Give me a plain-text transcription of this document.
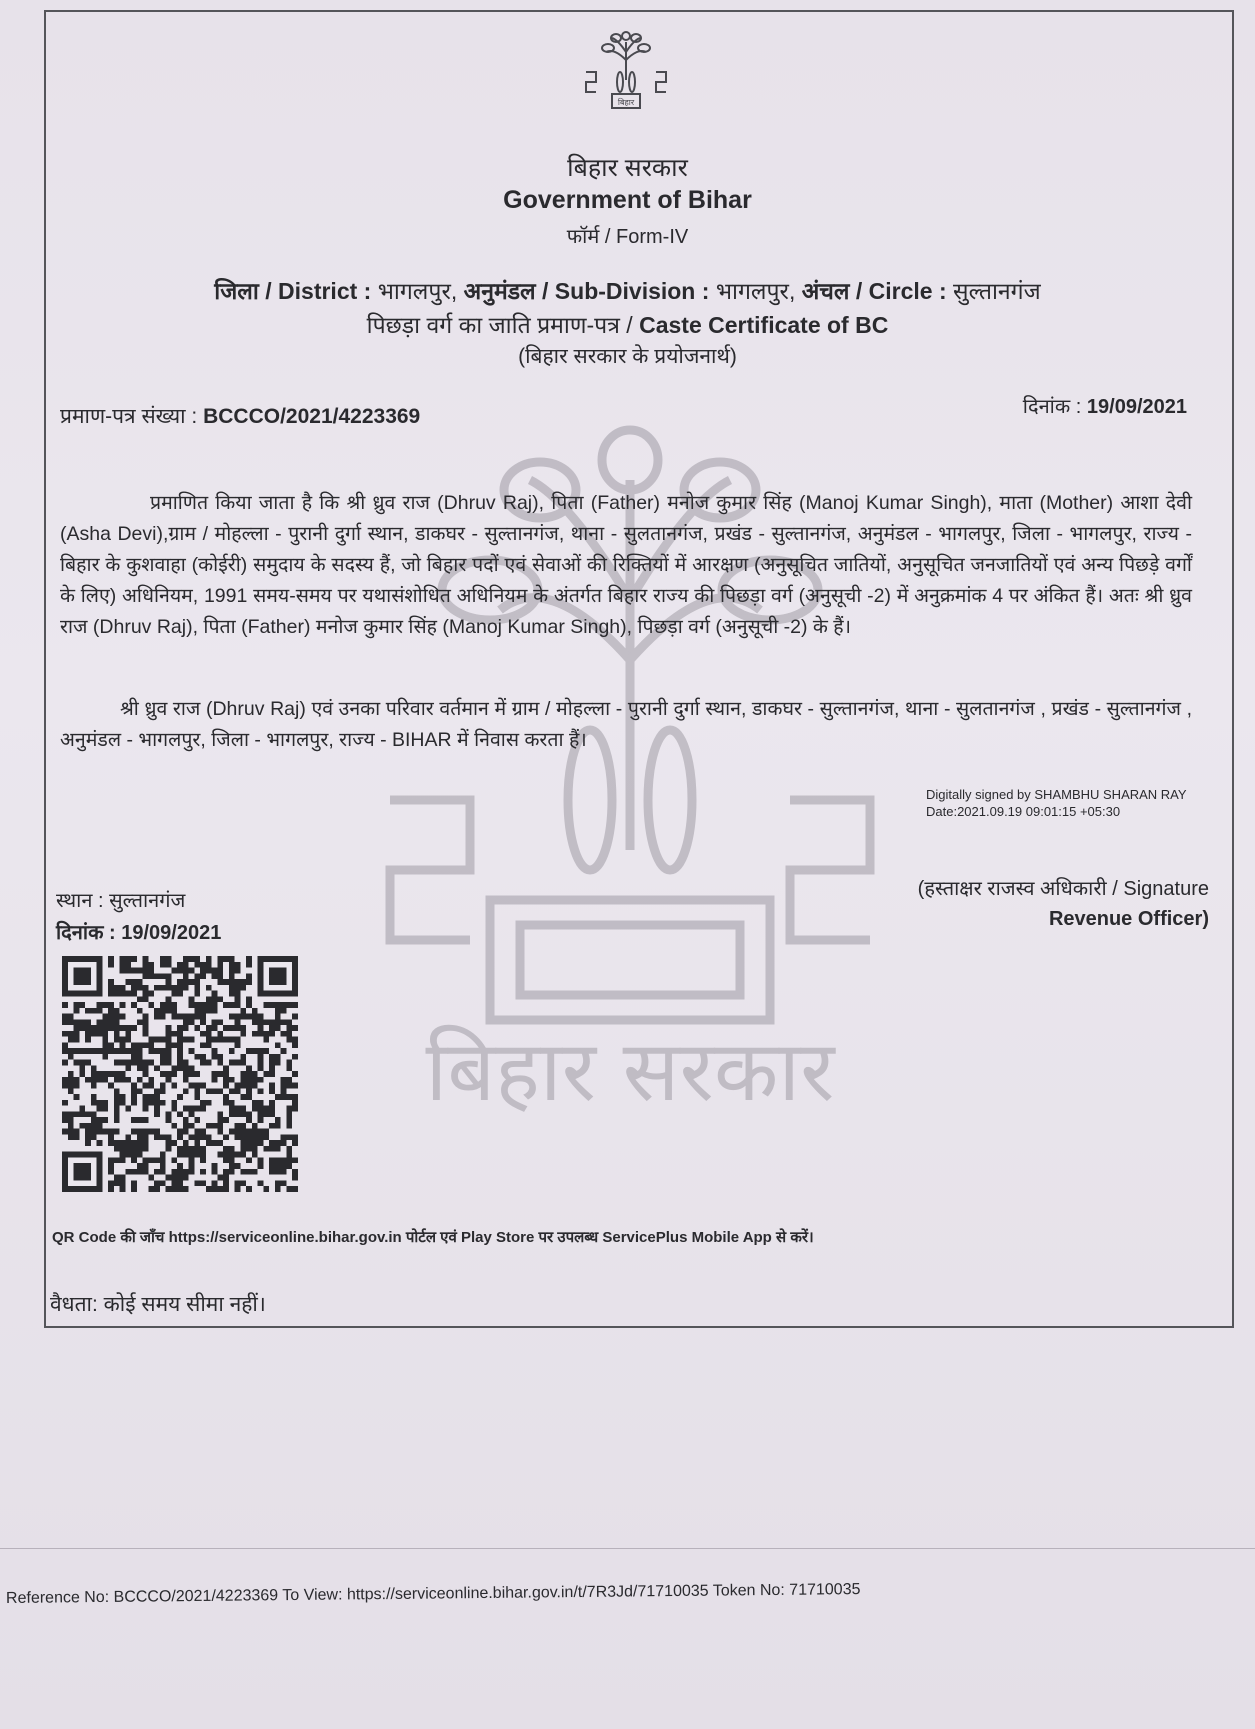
बिहार
बिहार सरकार
Government of Bihar
फॉर्म / Form-IV
जिला / District : भागलपुर, अनुमंडल / Sub-Division : भागलपुर, अंचल / Circle : सुल्तानगंज
पिछड़ा वर्ग का जाति प्रमाण-पत्र / Caste Certificate of BC
(बिहार सरकार के प्रयोजनार्थ)
प्रमाण-पत्र संख्या : BCCCO/2021/4223369	दिनांक : 19/09/2021
बिहार सरकार
प्रमाणित किया जाता है कि श्री ध्रुव राज (Dhruv Raj), पिता (Father) मनोज कुमार सिंह (Manoj Kumar Singh), माता (Mother) आशा देवी (Asha Devi),ग्राम / मोहल्ला - पुरानी दुर्गा स्थान, डाकघर - सुल्तानगंज, थाना - सुलतानगंज, प्रखंड - सुल्तानगंज, अनुमंडल - भागलपुर, जिला - भागलपुर, राज्य - बिहार के कुशवाहा (कोईरी) समुदाय के सदस्य हैं, जो बिहार पदों एवं सेवाओं की रिक्तियों में आरक्षण (अनुसूचित जातियों, अनुसूचित जनजातियों एवं अन्य पिछड़े वर्गों के लिए) अधिनियम, 1991 समय-समय पर यथासंशोधित अधिनियम के अंतर्गत बिहार राज्य की पिछड़ा वर्ग (अनुसूची -2) में अनुक्रमांक 4 पर अंकित हैं। अतः श्री ध्रुव राज (Dhruv Raj), पिता (Father) मनोज कुमार सिंह (Manoj Kumar Singh), पिछड़ा वर्ग (अनुसूची -2) के हैं।
श्री ध्रुव राज (Dhruv Raj) एवं उनका परिवार वर्तमान में ग्राम / मोहल्ला - पुरानी दुर्गा स्थान, डाकघर - सुल्तानगंज, थाना - सुलतानगंज , प्रखंड - सुल्तानगंज , अनुमंडल - भागलपुर, जिला - भागलपुर, राज्य - BIHAR में निवास करता हैं।
Digitally signed by SHAMBHU SHARAN RAY
Date:2021.09.19 09:01:15 +05:30
स्थान : सुल्तानगंज
दिनांक : 19/09/2021
(हस्ताक्षर राजस्व अधिकारी / Signature
Revenue Officer)
QR Code की जाँच https://serviceonline.bihar.gov.in पोर्टल एवं Play Store पर उपलब्ध ServicePlus Mobile App से करें।
वैधता: कोई समय सीमा नहीं।
Reference No: BCCCO/2021/4223369 To View: https://serviceonline.bihar.gov.in/t/7R3Jd/71710035 Token No: 71710035
